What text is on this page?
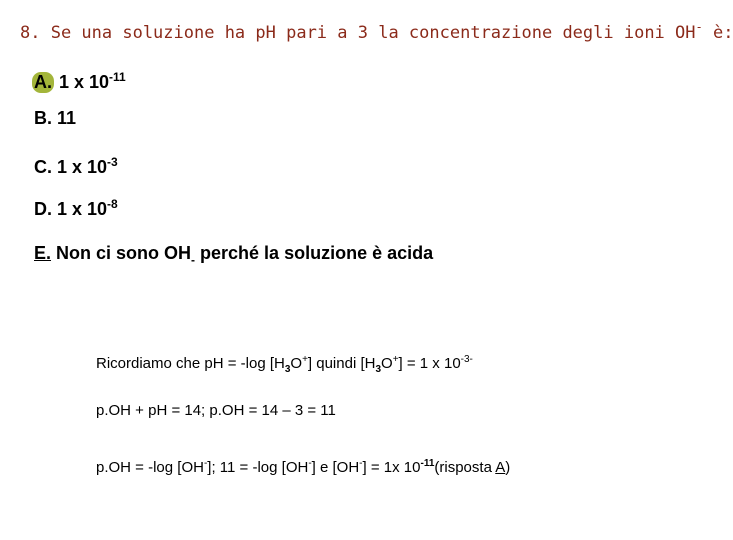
8. Se una soluzione ha pH pari a 3 la concentrazione degli ioni OH- è:
A. 1 x $10^{-11}$
B. 11
C. 1 x $10^{-3}$
D. 1 x $10^{-8}$
E. Non ci sono $OH_-$ perché la soluzione è acida
Ricordiamo che pH = -log $[H_3O^+]$ quindi $[H_3O^+] = 1$ x $10^{-3-}$
p.OH + pH = 14; p.OH = 14 – 3 = 11
p.OH = -log [OH-]; 11 = -log [OH-] e [OH-] = 1x $10^{-11}(risposta$ A)
